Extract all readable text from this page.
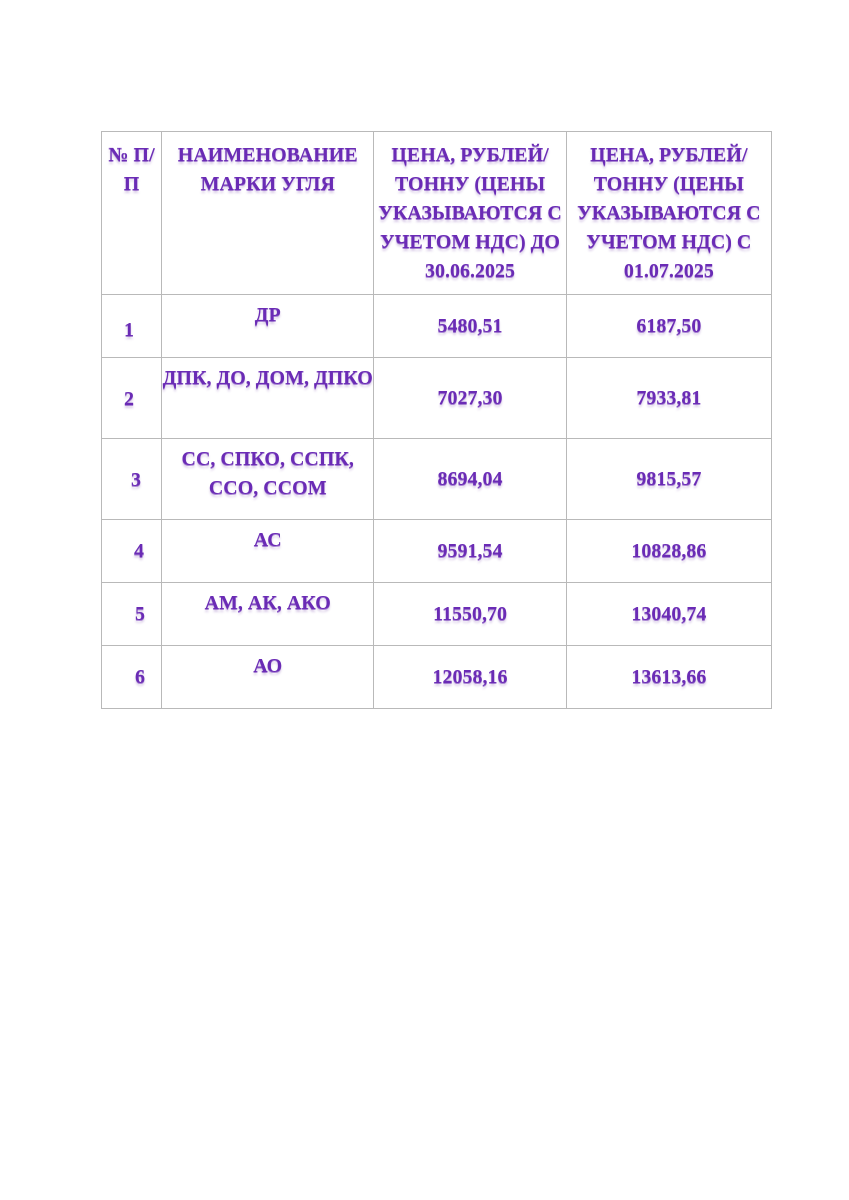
№ П/П	НАИМЕНОВАНИЕ МАРКИ УГЛЯ	ЦЕНА, РУБЛЕЙ/ТОННУ (ЦЕНЫ УКАЗЫВАЮТСЯ С УЧЕТОМ НДС) ДО 30.06.2025	ЦЕНА, РУБЛЕЙ/ТОННУ (ЦЕНЫ УКАЗЫВАЮТСЯ С УЧЕТОМ НДС) С 01.07.2025
1	ДР	5480,51	6187,50
2	ДПК, ДО, ДОМ, ДПКО	7027,30	7933,81
3	СС, СПКО, ССПК, ССО, ССОМ	8694,04	9815,57
4	АС	9591,54	10828,86
5	АМ, АК, АКО	11550,70	13040,74
6	АО	12058,16	13613,66
